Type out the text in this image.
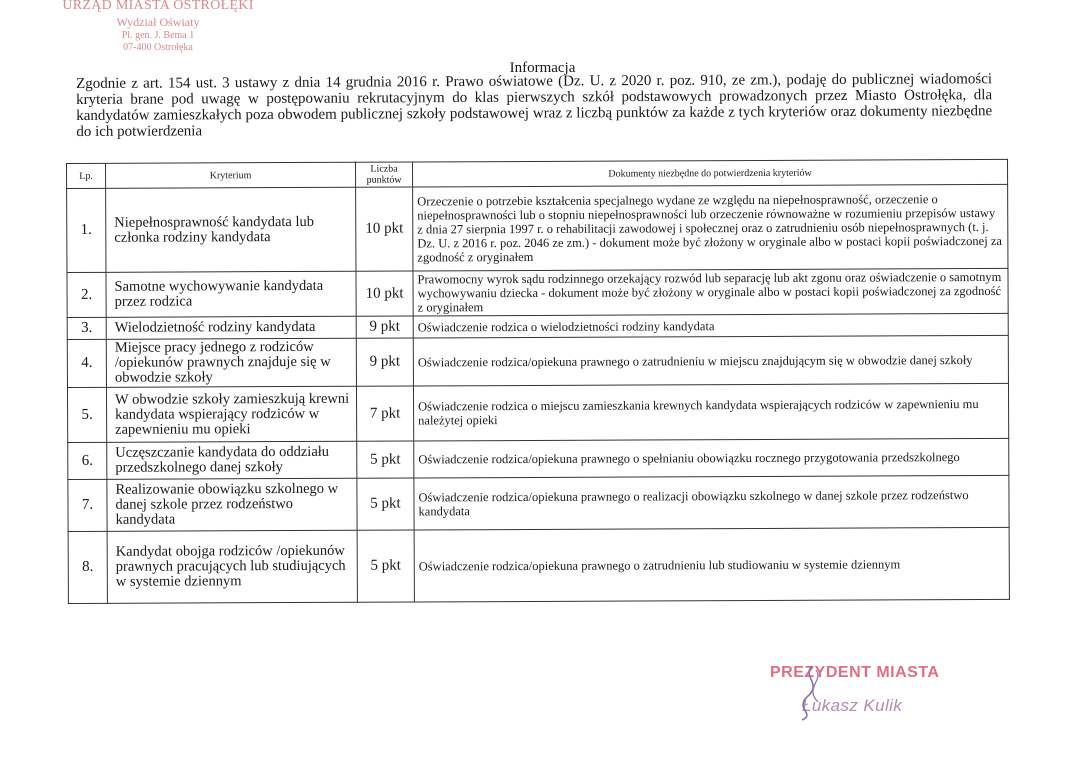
URZĄD MIASTA OSTROŁĘKI
Wydział Oświaty
Pl. gen. J. Bema 1
07-400 Ostrołęka
Informacja
Zgodnie z art. 154 ust. 3 ustawy z dnia 14 grudnia 2016 r. Prawo oświatowe (Dz. U. z 2020 r. poz. 910, ze zm.), podaję do publicznej wiadomości kryteria brane pod uwagę w postępowaniu rekrutacyjnym do klas pierwszych szkół podstawowych prowadzonych przez Miasto Ostrołęka, dla kandydatów zamieszkałych poza obwodem publicznej szkoły podstawowej wraz z liczbą punktów za każde z tych kryteriów oraz dokumenty niezbędne do ich potwierdzenia
Lp.	Kryterium	Liczba punktów	Dokumenty niezbędne do potwierdzenia kryteriów
1.	Niepełnosprawność kandydata lub członka rodziny kandydata	10 pkt	Orzeczenie o potrzebie kształcenia specjalnego wydane ze względu na niepełnosprawność, orzeczenie o niepełnosprawności lub o stopniu niepełnosprawności lub orzeczenie równoważne w rozumieniu przepisów ustawy z dnia 27 sierpnia 1997 r. o rehabilitacji zawodowej i społecznej oraz o zatrudnieniu osób niepełnosprawnych (t. j. Dz. U. z 2016 r. poz. 2046 ze zm.) - dokument może być złożony w oryginale albo w postaci kopii poświadczonej za zgodność z oryginałem
2.	Samotne wychowywanie kandydata przez rodzica	10 pkt	Prawomocny wyrok sądu rodzinnego orzekający rozwód lub separację lub akt zgonu oraz oświadczenie o samotnym wychowywaniu dziecka - dokument może być złożony w oryginale albo w postaci kopii poświadczonej za zgodność z oryginałem
3.	Wielodzietność rodziny kandydata	9 pkt	Oświadczenie rodzica o wielodzietności rodziny kandydata
4.	Miejsce pracy jednego z rodziców /opiekunów prawnych znajduje się w obwodzie szkoły	9 pkt	Oświadczenie rodzica/opiekuna prawnego o zatrudnieniu w miejscu znajdującym się w obwodzie danej szkoły
5.	W obwodzie szkoły zamieszkują krewni kandydata wspierający rodziców w zapewnieniu mu opieki	7 pkt	Oświadczenie rodzica o miejscu zamieszkania krewnych kandydata wspierających rodziców w zapewnieniu mu należytej opieki
6.	Uczęszczanie kandydata do oddziału przedszkolnego danej szkoły	5 pkt	Oświadczenie rodzica/opiekuna prawnego o spełnianiu obowiązku rocznego przygotowania przedszkolnego
7.	Realizowanie obowiązku szkolnego w danej szkole przez rodzeństwo kandydata	5 pkt	Oświadczenie rodzica/opiekuna prawnego o realizacji obowiązku szkolnego w danej szkole przez rodzeństwo kandydata
8.	Kandydat obojga rodziców /opiekunów prawnych pracujących lub studiujących w systemie dziennym	5 pkt	Oświadczenie rodzica/opiekuna prawnego o zatrudnieniu lub studiowaniu w systemie dziennym
PREZYDENT MIASTA
Łukasz Kulik
